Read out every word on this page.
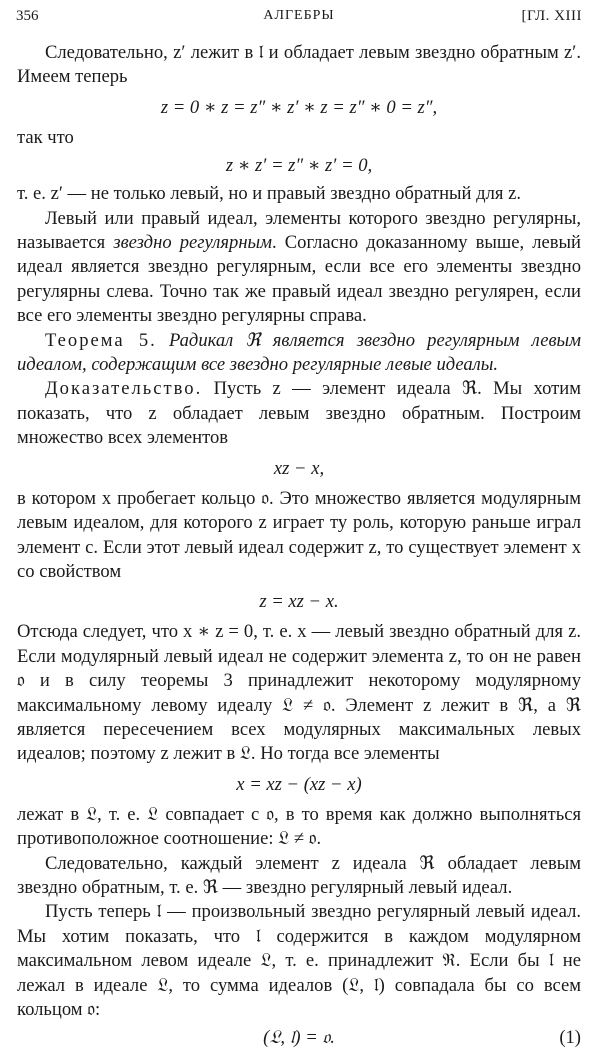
356	АЛГЕБРЫ	[ГЛ. XIII

Следовательно, z′ лежит в 𝔩 и обладает левым звездно обратным z′. Имеем теперь

z = 0 ∗ z = z″ ∗ z′ ∗ z = z″ ∗ 0 = z″,

так что

z ∗ z′ = z″ ∗ z′ = 0,

т. е. z′ — не только левый, но и правый звездно обратный для z.

Левый или правый идеал, элементы которого звездно регулярны, называется звездно регулярным. Согласно доказанному выше, левый идеал является звездно регулярным, если все его элементы звездно регулярны слева. Точно так же правый идеал звездно регулярен, если все его элементы звездно регулярны справа.

Теорема 5. Радикал ℜ является звездно регулярным левым идеалом, содержащим все звездно регулярные левые идеалы.

Доказательство. Пусть z — элемент идеала ℜ. Мы хотим показать, что z обладает левым звездно обратным. Построим множество всех элементов

xz − x,

в котором x пробегает кольцо 𝔬. Это множество является модулярным левым идеалом, для которого z играет ту роль, которую раньше играл элемент c. Если этот левый идеал содержит z, то существует элемент x со свойством

z = xz − x.

Отсюда следует, что x ∗ z = 0, т. е. x — левый звездно обратный для z. Если модулярный левый идеал не содержит элемента z, то он не равен 𝔬 и в силу теоремы 3 принадлежит некоторому модулярному максимальному левому идеалу 𝔏 ≠ 𝔬. Элемент z лежит в ℜ, а ℜ является пересечением всех модулярных максимальных левых идеалов; поэтому z лежит в 𝔏. Но тогда все элементы

x = xz − (xz − x)

лежат в 𝔏, т. е. 𝔏 совпадает с 𝔬, в то время как должно выполняться противоположное соотношение: 𝔏 ≠ 𝔬.

Следовательно, каждый элемент z идеала ℜ обладает левым звездно обратным, т. е. ℜ — звездно регулярный левый идеал.

Пусть теперь 𝔩 — произвольный звездно регулярный левый идеал. Мы хотим показать, что 𝔩 содержится в каждом модулярном максимальном левом идеале 𝔏, т. е. принадлежит ℜ. Если бы 𝔩 не лежал в идеале 𝔏, то сумма идеалов (𝔏, 𝔩) совпадала бы со всем кольцом 𝔬:

(𝔏, 𝔩) = 𝔬.	(1)
